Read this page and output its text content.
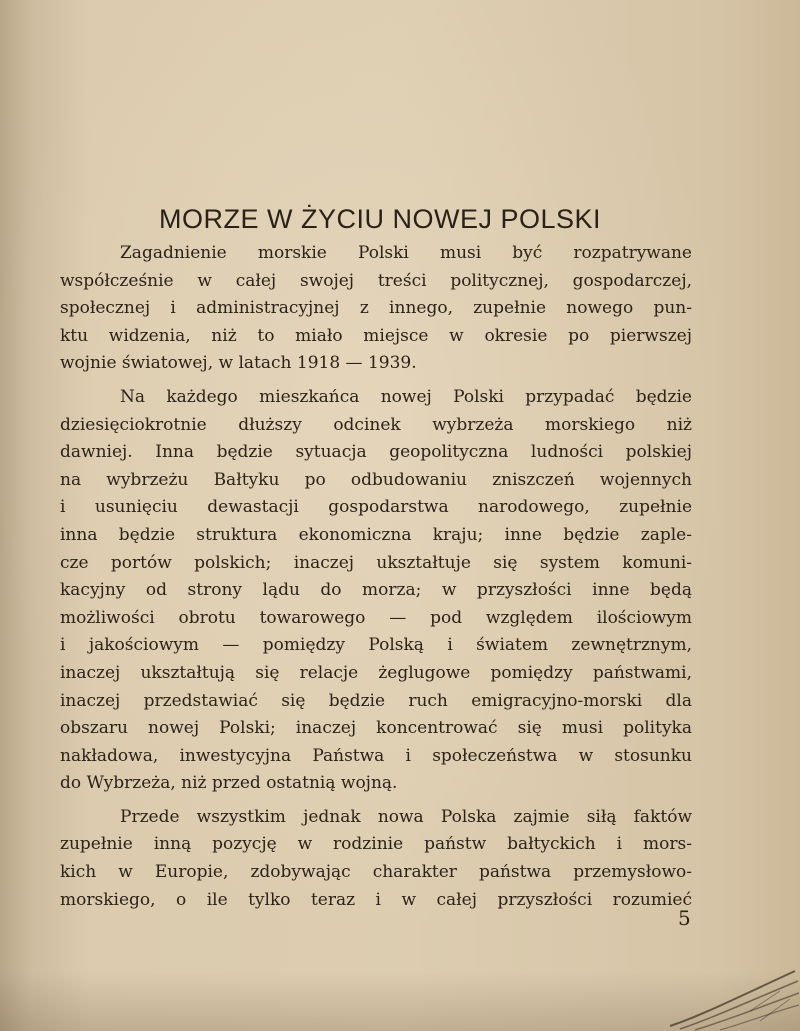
MORZE W ŻYCIU NOWEJ POLSKI

Zagadnienie morskie Polski musi być rozpatrywane
współcześnie w całej swojej treści politycznej, gospodarczej,
społecznej i administracyjnej z innego, zupełnie nowego pun-
ktu widzenia, niż to miało miejsce w okresie po pierwszej
wojnie światowej, w latach 1918 — 1939.

Na każdego mieszkańca nowej Polski przypadać będzie
dziesięciokrotnie dłuższy odcinek wybrzeża morskiego niż
dawniej. Inna będzie sytuacja geopolityczna ludności polskiej
na wybrzeżu Bałtyku po odbudowaniu zniszczeń wojennych
i usunięciu dewastacji gospodarstwa narodowego, zupełnie
inna będzie struktura ekonomiczna kraju; inne będzie zaple-
cze portów polskich; inaczej ukształtuje się system komuni-
kacyjny od strony lądu do morza; w przyszłości inne będą
możliwości obrotu towarowego — pod względem ilościowym
i jakościowym — pomiędzy Polską i światem zewnętrznym,
inaczej ukształtują się relacje żeglugowe pomiędzy państwami,
inaczej przedstawiać się będzie ruch emigracyjno-morski dla
obszaru nowej Polski; inaczej koncentrować się musi polityka
nakładowa, inwestycyjna Państwa i społeczeństwa w stosunku
do Wybrzeża, niż przed ostatnią wojną.

Przede wszystkim jednak nowa Polska zajmie siłą faktów
zupełnie inną pozycję w rodzinie państw bałtyckich i mors-
kich w Europie, zdobywając charakter państwa przemysłowo-
morskiego, o ile tylko teraz i w całej przyszłości rozumieć

5
